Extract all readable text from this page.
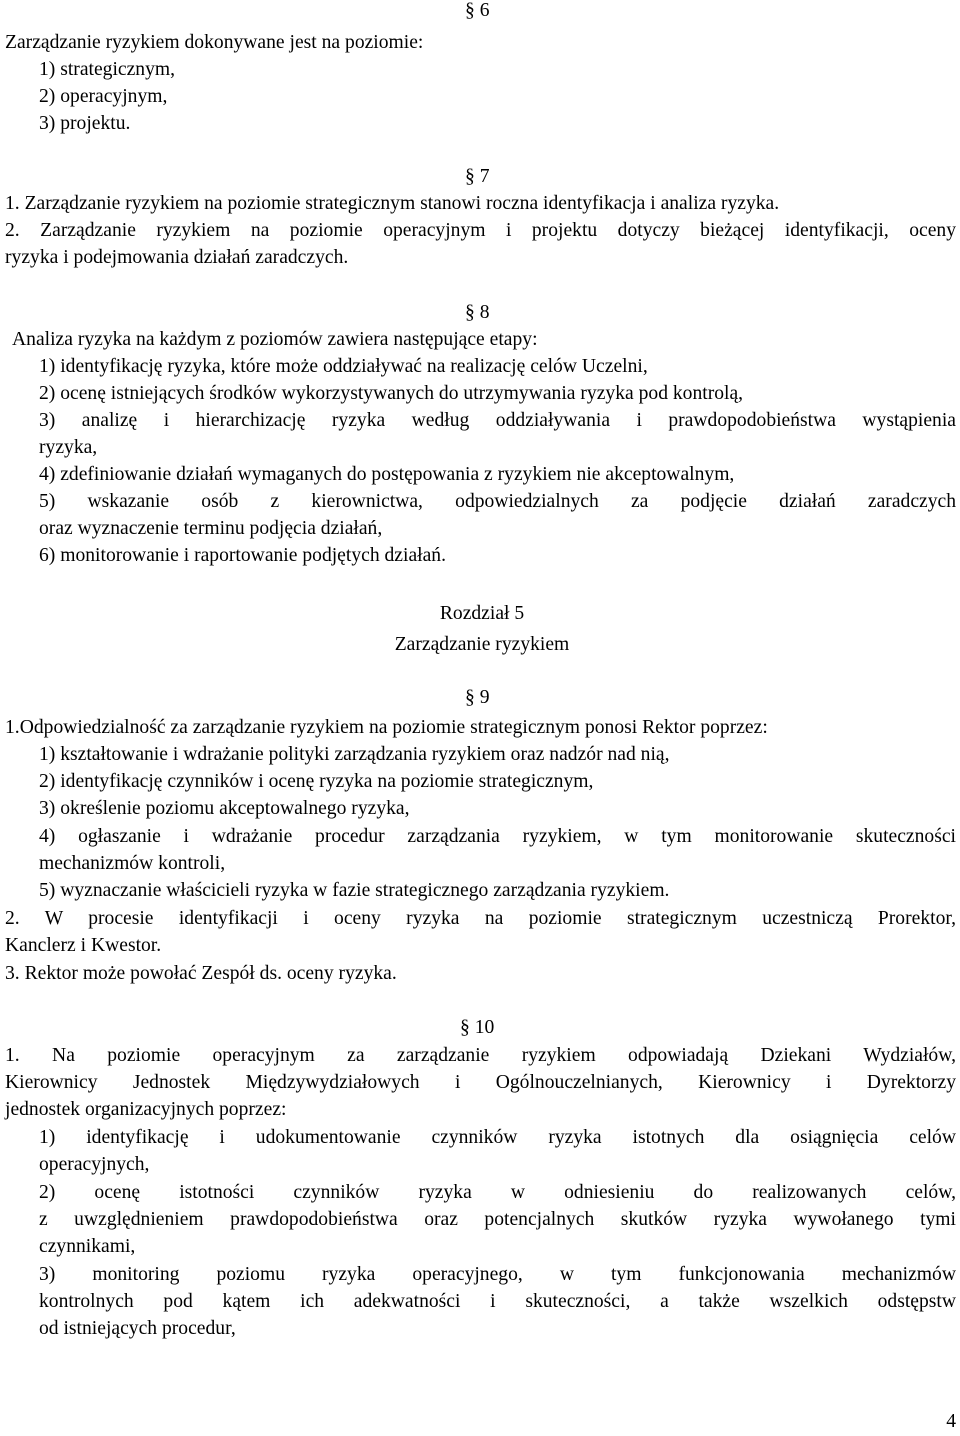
§ 6
Zarządzanie ryzykiem dokonywane jest na poziomie:
1) strategicznym,
2) operacyjnym,
3) projektu.
§ 7
1. Zarządzanie ryzykiem na poziomie strategicznym stanowi roczna identyfikacja i analiza ryzyka.
2. Zarządzanie ryzykiem na poziomie operacyjnym i projektu dotyczy bieżącej identyfikacji, oceny
ryzyka i podejmowania działań zaradczych.
§ 8
Analiza ryzyka na każdym z poziomów zawiera następujące etapy:
1) identyfikację ryzyka, które może oddziaływać na realizację celów Uczelni,
2) ocenę istniejących środków wykorzystywanych do utrzymywania ryzyka pod kontrolą,
3) analizę i hierarchizację ryzyka według oddziaływania i prawdopodobieństwa wystąpienia
ryzyka,
4) zdefiniowanie działań wymaganych do postępowania z ryzykiem nie akceptowalnym,
5) wskazanie osób z kierownictwa, odpowiedzialnych za podjęcie działań zaradczych
oraz wyznaczenie terminu podjęcia działań,
6) monitorowanie i raportowanie podjętych działań.
Rozdział 5
Zarządzanie ryzykiem
§ 9
1.Odpowiedzialność za zarządzanie ryzykiem na poziomie strategicznym ponosi Rektor poprzez:
1) kształtowanie i wdrażanie polityki zarządzania ryzykiem oraz nadzór nad nią,
2) identyfikację czynników i ocenę ryzyka na poziomie strategicznym,
3) określenie poziomu akceptowalnego ryzyka,
4) ogłaszanie i wdrażanie procedur zarządzania ryzykiem, w tym monitorowanie skuteczności
mechanizmów kontroli,
5) wyznaczanie właścicieli ryzyka w fazie strategicznego zarządzania ryzykiem.
2. W procesie identyfikacji i oceny ryzyka na poziomie strategicznym uczestniczą Prorektor,
Kanclerz i Kwestor.
3. Rektor może powołać Zespół ds. oceny ryzyka.
§ 10
1. Na poziomie operacyjnym za zarządzanie ryzykiem odpowiadają Dziekani Wydziałów,
Kierownicy Jednostek Międzywydziałowych i Ogólnouczelnianych, Kierownicy i Dyrektorzy
jednostek organizacyjnych poprzez:
1) identyfikację i udokumentowanie czynników ryzyka istotnych dla osiągnięcia celów
operacyjnych,
2) ocenę istotności czynników ryzyka w odniesieniu do realizowanych celów,
z uwzględnieniem prawdopodobieństwa oraz potencjalnych skutków ryzyka wywołanego tymi
czynnikami,
3) monitoring poziomu ryzyka operacyjnego, w tym funkcjonowania mechanizmów
kontrolnych pod kątem ich adekwatności i skuteczności, a także wszelkich odstępstw
od istniejących procedur,
4
